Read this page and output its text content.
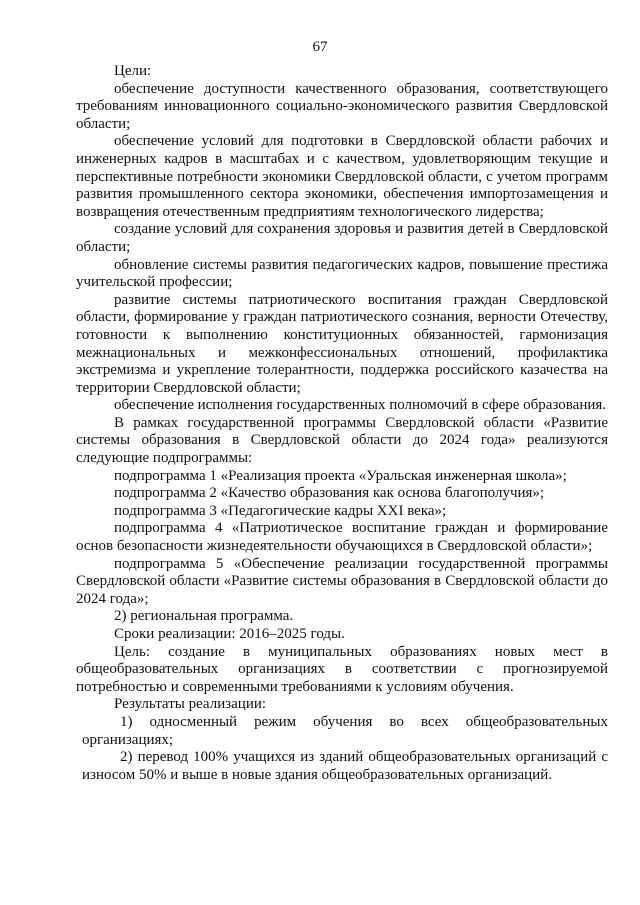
67

Цели:

обеспечение доступности качественного образования, соответствующего требованиям инновационного социально-экономического развития Свердловской области;

обеспечение условий для подготовки в Свердловской области рабочих и инженерных кадров в масштабах и с качеством, удовлетворяющим текущие и перспективные потребности экономики Свердловской области, с учетом программ развития промышленного сектора экономики, обеспечения импортозамещения и возвращения отечественным предприятиям технологического лидерства;

создание условий для сохранения здоровья и развития детей в Свердловской области;

обновление системы развития педагогических кадров, повышение престижа учительской профессии;

развитие системы патриотического воспитания граждан Свердловской области, формирование у граждан патриотического сознания, верности Отечеству, готовности к выполнению конституционных обязанностей, гармонизация межнациональных и межконфессиональных отношений, профилактика экстремизма и укрепление толерантности, поддержка российского казачества на территории Свердловской области;

обеспечение исполнения государственных полномочий в сфере образования.

В рамках государственной программы Свердловской области «Развитие системы образования в Свердловской области до 2024 года» реализуются следующие подпрограммы:

подпрограмма 1 «Реализация проекта «Уральская инженерная школа»;

подпрограмма 2 «Качество образования как основа благополучия»;

подпрограмма 3 «Педагогические кадры XXI века»;

подпрограмма 4 «Патриотическое воспитание граждан и формирование основ безопасности жизнедеятельности обучающихся в Свердловской области»;

подпрограмма 5 «Обеспечение реализации государственной программы Свердловской области «Развитие системы образования в Свердловской области до 2024 года»;

2) региональная программа.

Сроки реализации: 2016–2025 годы.

Цель: создание в муниципальных образованиях новых мест в общеобразовательных организациях в соответствии с прогнозируемой потребностью и современными требованиями к условиям обучения.

Результаты реализации:

1) односменный режим обучения во всех общеобразовательных организациях;

2) перевод 100% учащихся из зданий общеобразовательных организаций с износом 50% и выше в новые здания общеобразовательных организаций.
